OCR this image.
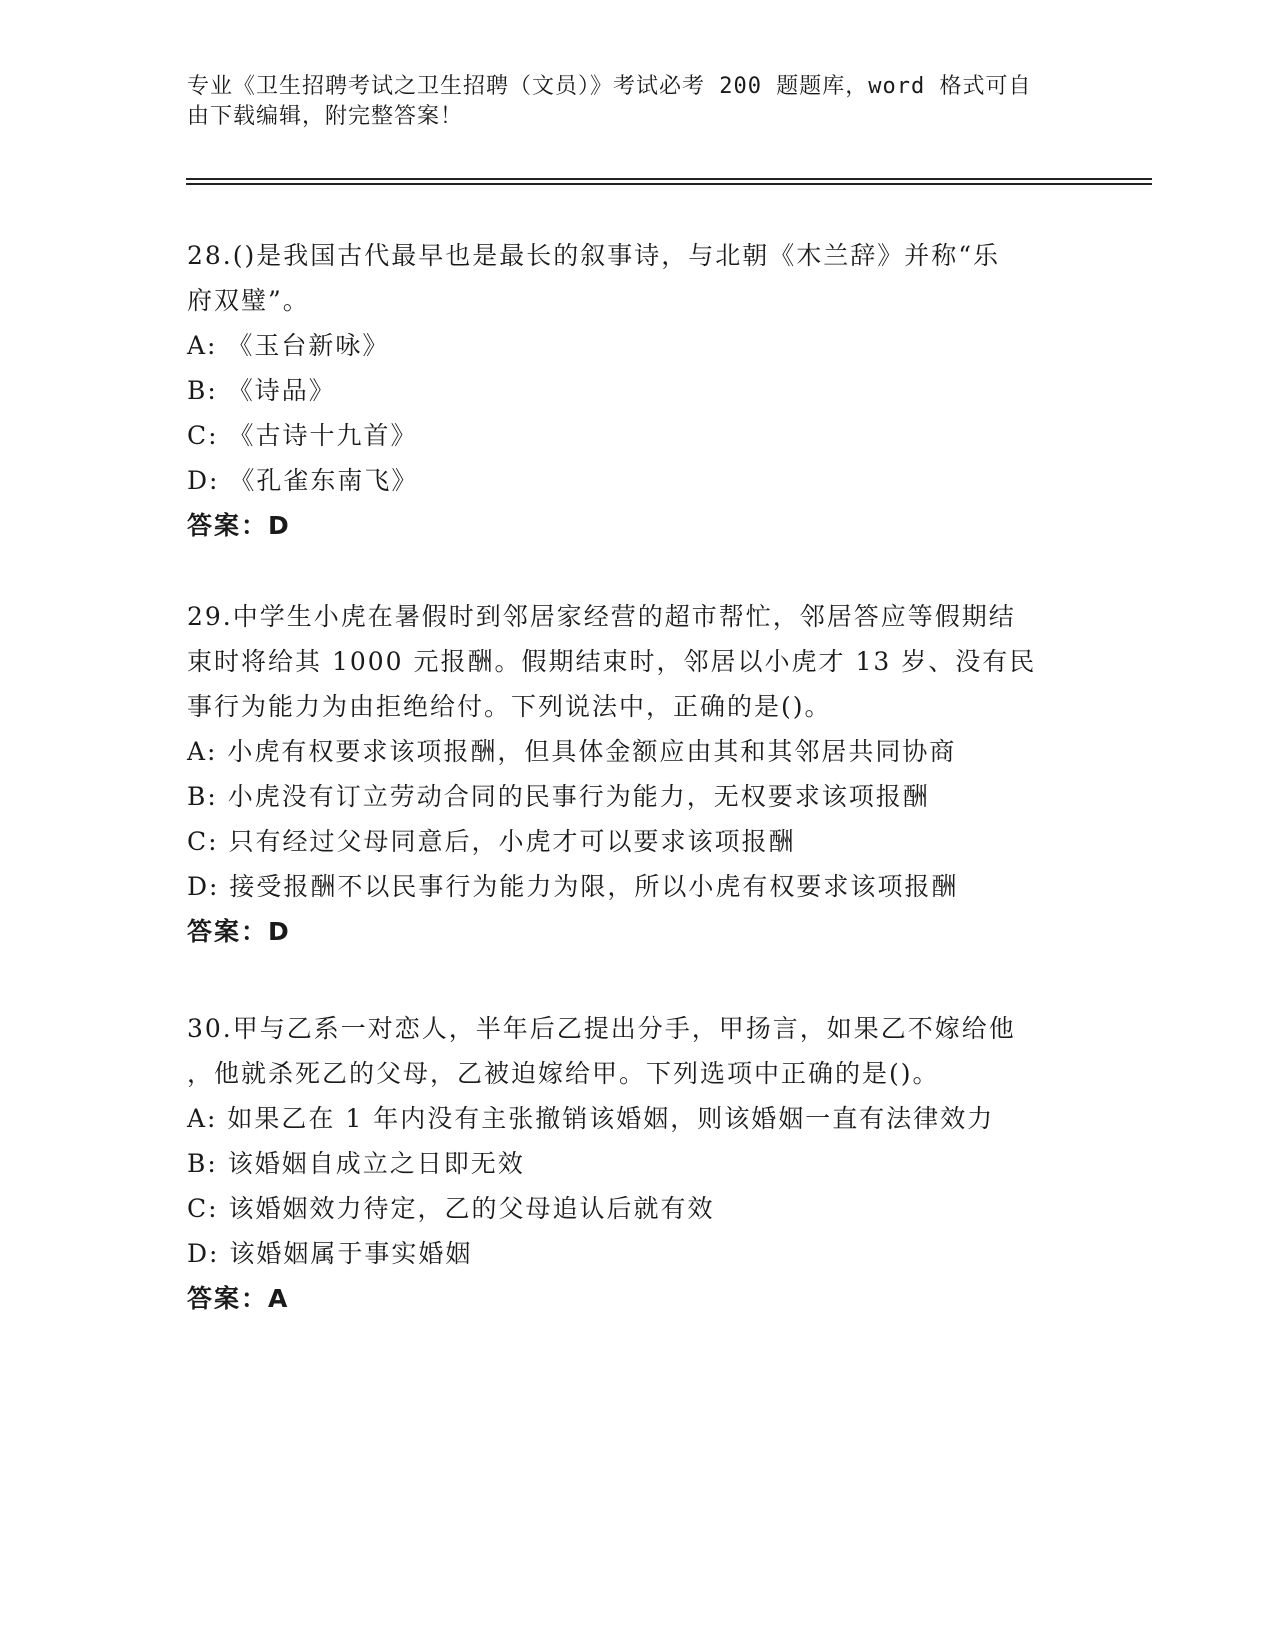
专业《卫生招聘考试之卫生招聘（文员）》考试必考 200 题题库，word 格式可自

由下载编辑，附完整答案！

28.()是我国古代最早也是最长的叙事诗，与北朝《木兰辞》并称“乐

府双璧”。

A: 《玉台新咏》

B: 《诗品》

C: 《古诗十九首》

D: 《孔雀东南飞》

答案：D

29.中学生小虎在暑假时到邻居家经营的超市帮忙，邻居答应等假期结

束时将给其 1000 元报酬。假期结束时，邻居以小虎才 13 岁、没有民

事行为能力为由拒绝给付。下列说法中，正确的是()。

A: 小虎有权要求该项报酬，但具体金额应由其和其邻居共同协商

B: 小虎没有订立劳动合同的民事行为能力，无权要求该项报酬

C: 只有经过父母同意后，小虎才可以要求该项报酬

D: 接受报酬不以民事行为能力为限，所以小虎有权要求该项报酬

答案：D

30.甲与乙系一对恋人，半年后乙提出分手，甲扬言，如果乙不嫁给他

，他就杀死乙的父母，乙被迫嫁给甲。下列选项中正确的是()。

A: 如果乙在 1 年内没有主张撤销该婚姻，则该婚姻一直有法律效力

B: 该婚姻自成立之日即无效

C: 该婚姻效力待定，乙的父母追认后就有效

D: 该婚姻属于事实婚姻

答案：A
